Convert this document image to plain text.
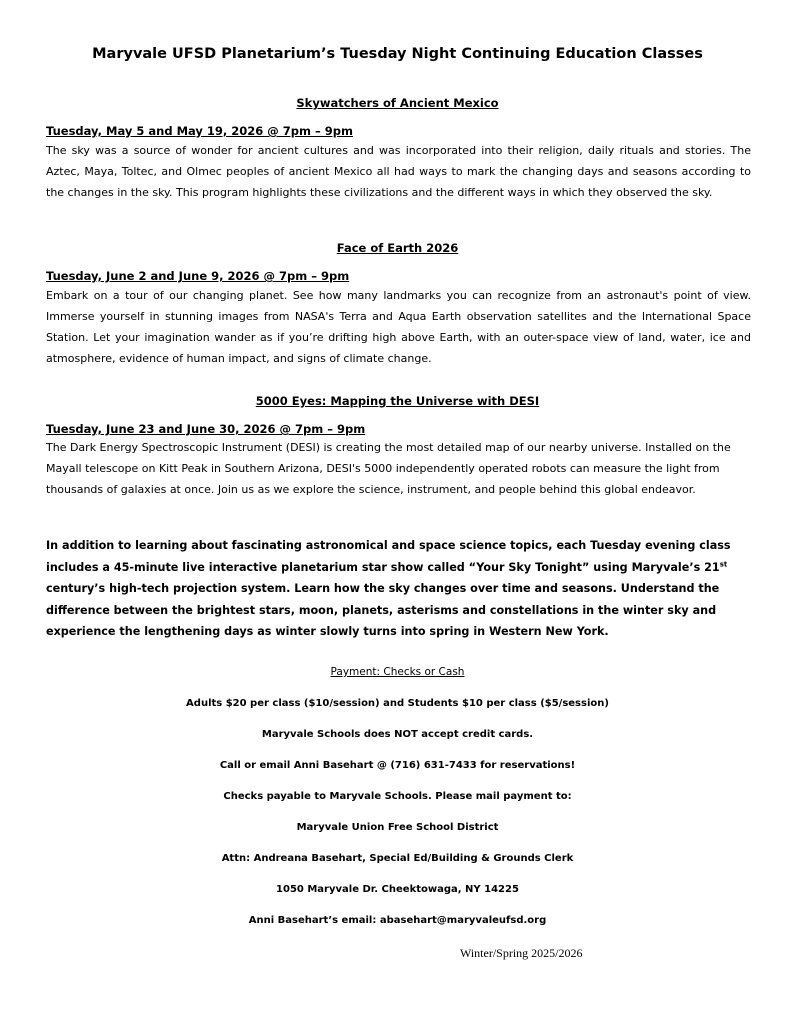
Maryvale UFSD Planetarium’s Tuesday Night Continuing Education Classes
Skywatchers of Ancient Mexico
Tuesday, May 5 and May 19, 2026 @ 7pm – 9pm
The sky was a source of wonder for ancient cultures and was incorporated into their religion, daily rituals and stories. The Aztec, Maya, Toltec, and Olmec peoples of ancient Mexico all had ways to mark the changing days and seasons according to the changes in the sky. This program highlights these civilizations and the different ways in which they observed the sky.
Face of Earth 2026
Tuesday, June 2 and June 9, 2026 @ 7pm – 9pm
Embark on a tour of our changing planet. See how many landmarks you can recognize from an astronaut's point of view. Immerse yourself in stunning images from NASA's Terra and Aqua Earth observation satellites and the International Space Station. Let your imagination wander as if you’re drifting high above Earth, with an outer-space view of land, water, ice and atmosphere, evidence of human impact, and signs of climate change.
5000 Eyes: Mapping the Universe with DESI
Tuesday, June 23 and June 30, 2026 @ 7pm – 9pm
The Dark Energy Spectroscopic Instrument (DESI) is creating the most detailed map of our nearby universe. Installed on the Mayall telescope on Kitt Peak in Southern Arizona, DESI's 5000 independently operated robots can measure the light from thousands of galaxies at once. Join us as we explore the science, instrument, and people behind this global endeavor.
In addition to learning about fascinating astronomical and space science topics, each Tuesday evening class includes a 45-minute live interactive planetarium star show called “Your Sky Tonight” using Maryvale’s 21st century’s high-tech projection system. Learn how the sky changes over time and seasons. Understand the difference between the brightest stars, moon, planets, asterisms and constellations in the winter sky and experience the lengthening days as winter slowly turns into spring in Western New York.
Payment: Checks or Cash
Adults $20 per class ($10/session) and Students $10 per class ($5/session)
Maryvale Schools does NOT accept credit cards.
Call or email Anni Basehart @ (716) 631-7433 for reservations!
Checks payable to Maryvale Schools. Please mail payment to:
Maryvale Union Free School District
Attn: Andreana Basehart, Special Ed/Building & Grounds Clerk
1050 Maryvale Dr. Cheektowaga, NY 14225
Anni Basehart’s email: abasehart@maryvaleufsd.org
Winter/Spring 2025/2026
